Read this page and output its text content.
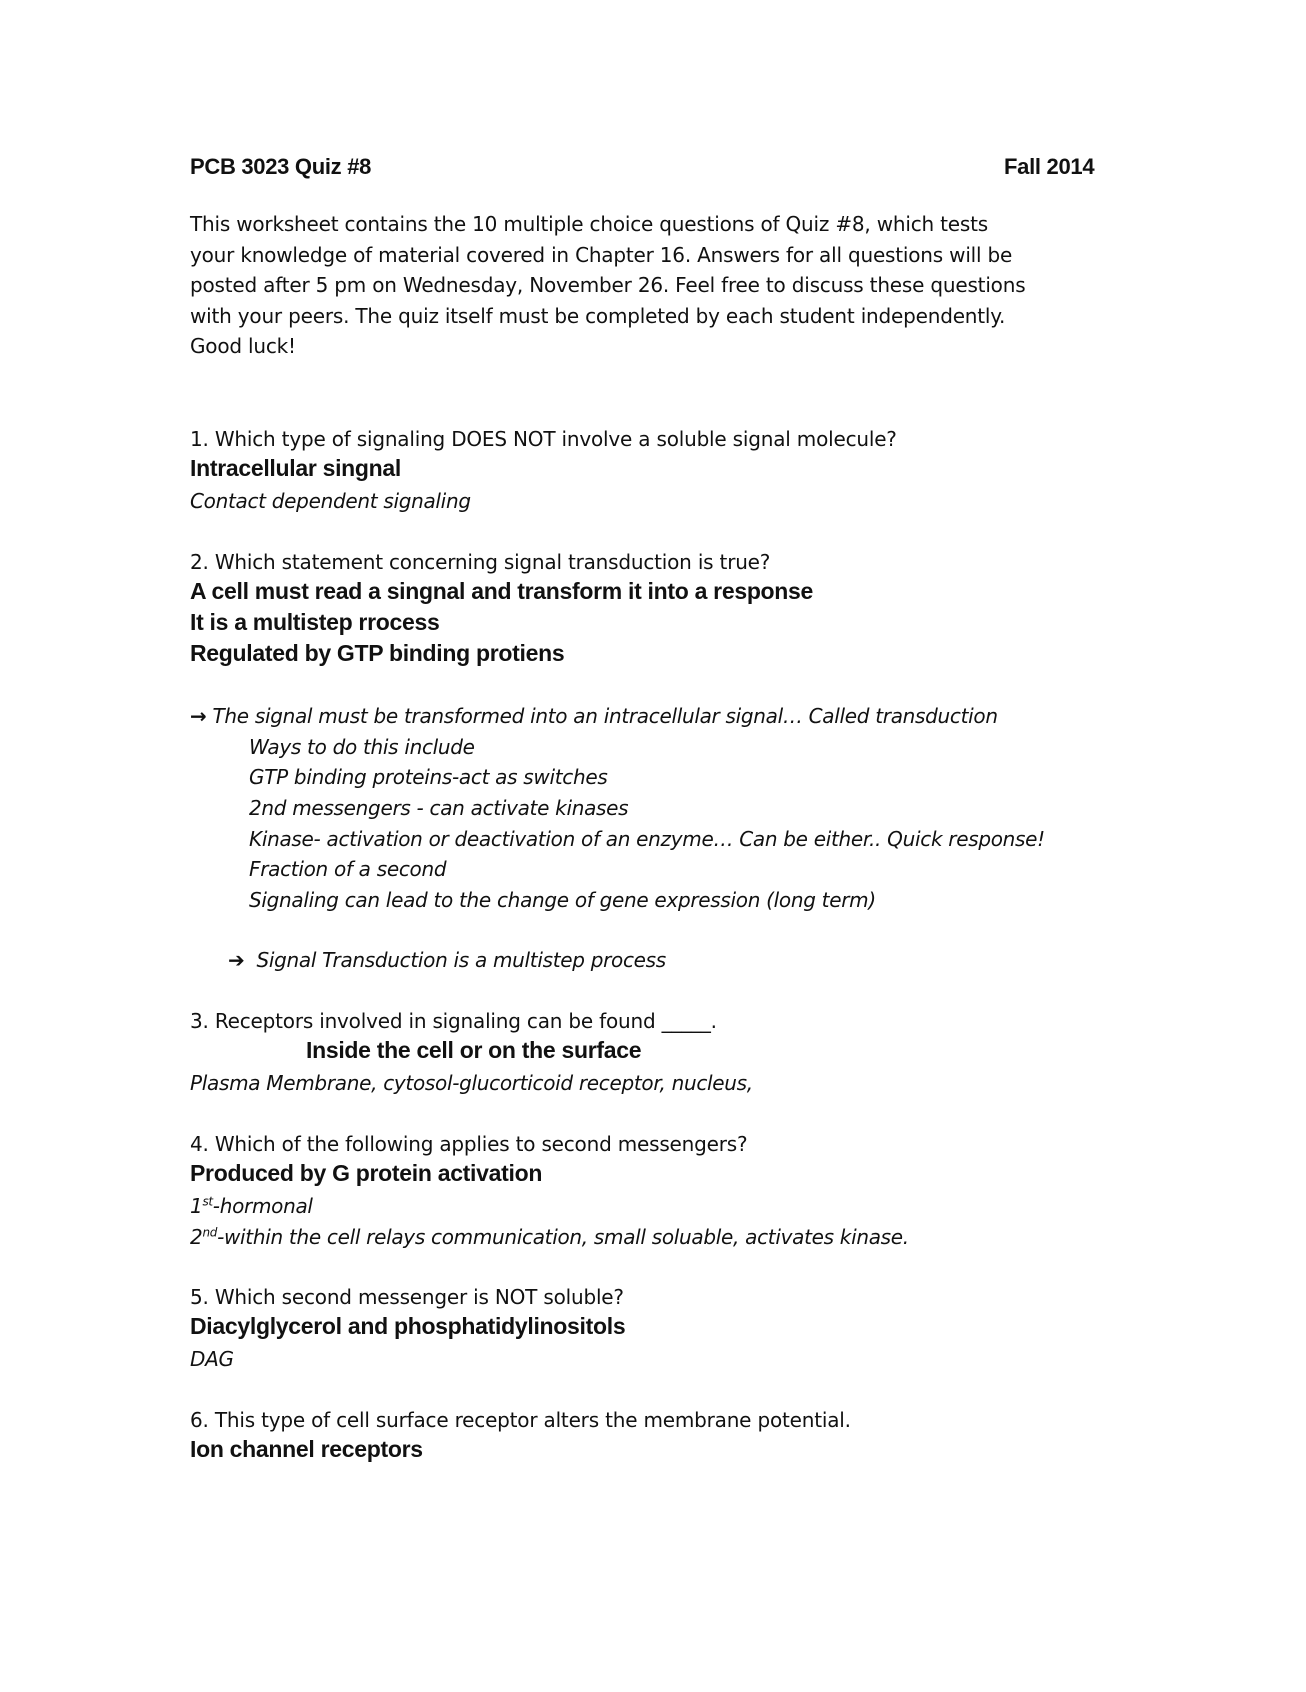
PCB 3023 Quiz #8	Fall 2014
This worksheet contains the 10 multiple choice questions of Quiz #8, which tests
your knowledge of material covered in Chapter 16. Answers for all questions will be
posted after 5 pm on Wednesday, November 26. Feel free to discuss these questions
with your peers. The quiz itself must be completed by each student independently.
Good luck!
1. Which type of signaling DOES NOT involve a soluble signal molecule?
Intracellular singnal
Contact dependent signaling
2. Which statement concerning signal transduction is true?
A cell must read a singnal and transform it into a response
It is a multistep rrocess
Regulated by GTP binding protiens
→ The signal must be transformed into an intracellular signal… Called transduction
Ways to do this include
GTP binding proteins-act as switches
2nd messengers - can activate kinases
Kinase- activation or deactivation of an enzyme… Can be either.. Quick response!
Fraction of a second
Signaling can lead to the change of gene expression (long term)
➔ Signal Transduction is a multistep process
3. Receptors involved in signaling can be found _____.
Inside the cell or on the surface
Plasma Membrane, cytosol-glucorticoid receptor, nucleus,
4. Which of the following applies to second messengers?
Produced by G protein activation
1st-hormonal
2nd-within the cell relays communication, small soluable, activates kinase.
5. Which second messenger is NOT soluble?
Diacylglycerol and phosphatidylinositols
DAG
6. This type of cell surface receptor alters the membrane potential.
Ion channel receptors
